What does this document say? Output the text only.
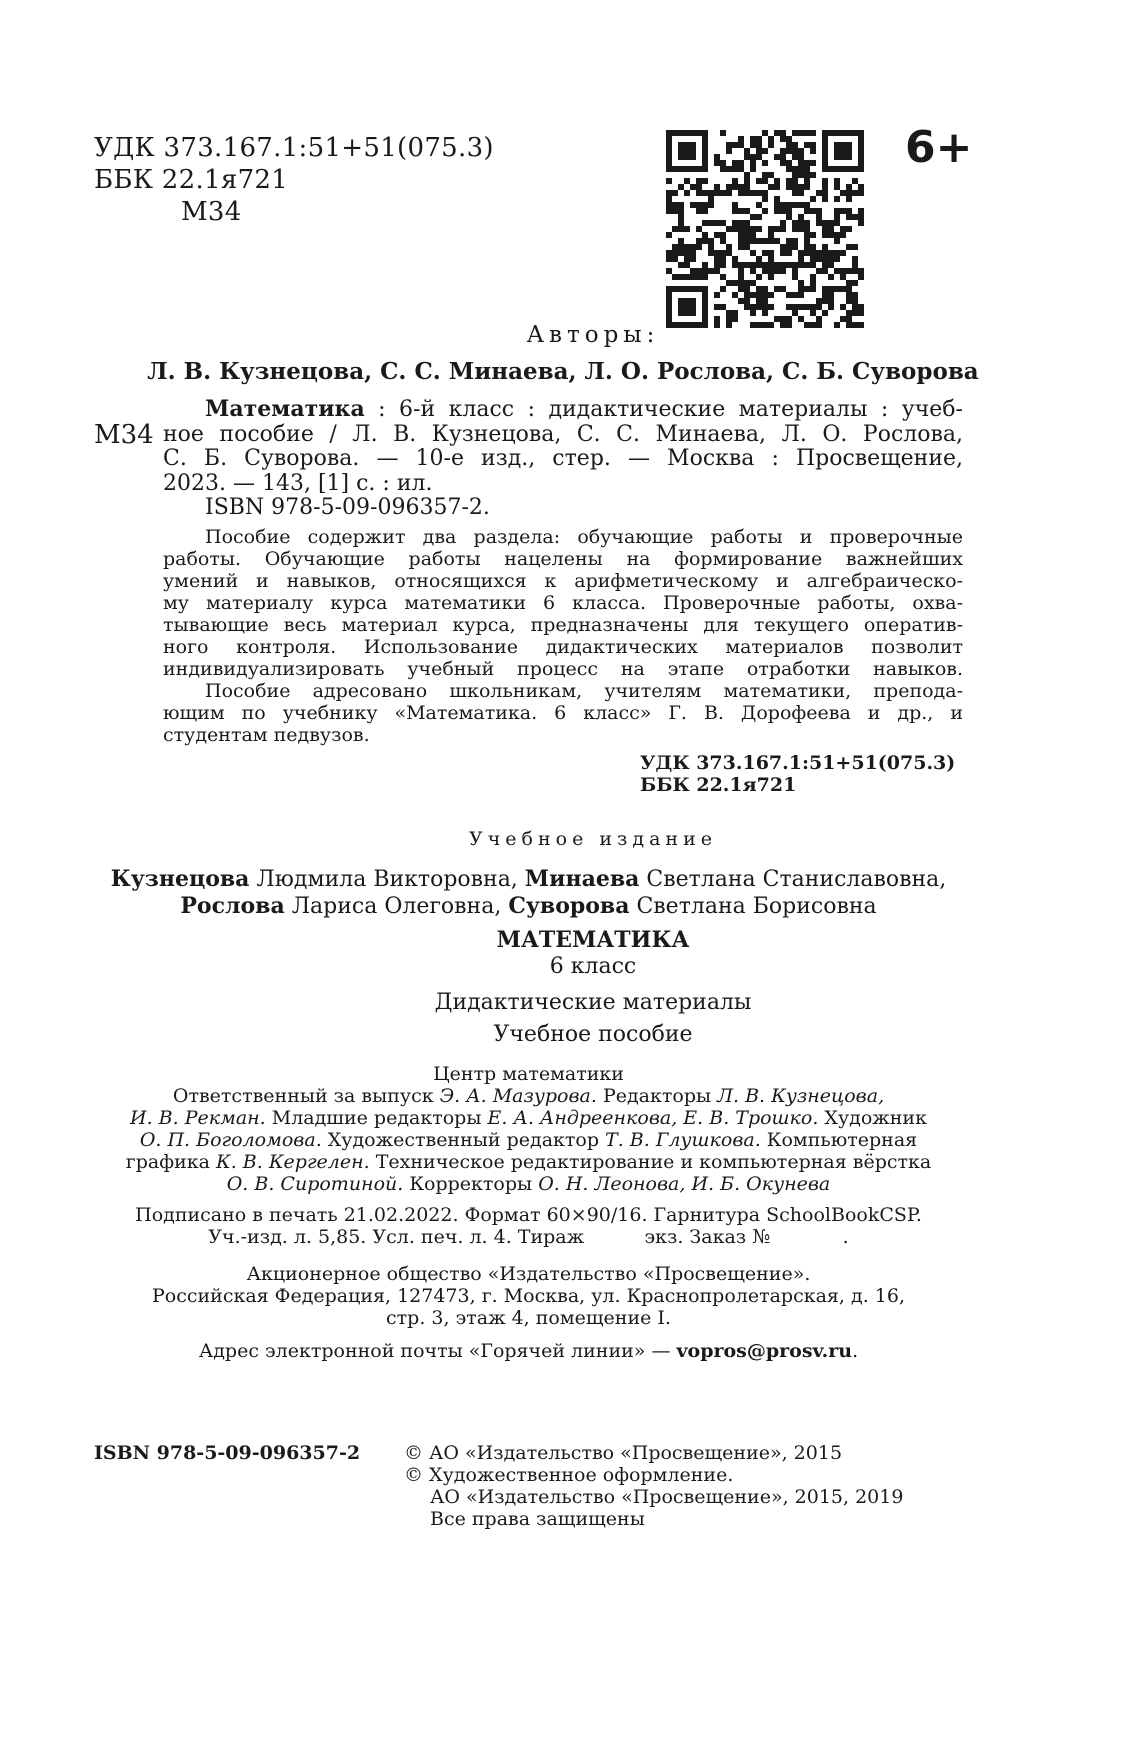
УДК 373.167.1:51+51(075.3)
ББК 22.1я721
М34
6+
Авторы:
Л. В. Кузнецова, С. С. Минаева, Л. О. Рослова, С. Б. Суворова
М34
Математика : 6-й класс : дидактические материалы : учеб-
ное пособие / Л. В. Кузнецова, С. С. Минаева, Л. О. Рослова,
С. Б. Суворова. — 10-е изд., стер. — Москва : Просвещение,
2023. — 143, [1] с. : ил.
ISBN 978-5-09-096357-2.
Пособие содержит два раздела: обучающие работы и проверочные
работы. Обучающие работы нацелены на формирование важнейших
умений и навыков, относящихся к арифметическому и алгебраическо-
му материалу курса математики 6 класса. Проверочные работы, охва-
тывающие весь материал курса, предназначены для текущего оператив-
ного контроля. Использование дидактических материалов позволит
индивидуализировать учебный процесс на этапе отработки навыков.
Пособие адресовано школьникам, учителям математики, препода-
ющим по учебнику «Математика. 6 класс» Г. В. Дорофеева и др., и
студентам педвузов.
УДК 373.167.1:51+51(075.3)
ББК 22.1я721
Учебное издание
Кузнецова Людмила Викторовна, Минаева Светлана Станиславовна,
Рослова Лариса Олеговна, Суворова Светлана Борисовна
МАТЕМАТИКА
6 класс
Дидактические материалы
Учебное пособие
Центр математики
Ответственный за выпуск Э. А. Мазурова. Редакторы Л. В. Кузнецова,
И. В. Рекман. Младшие редакторы Е. А. Андреенкова, Е. В. Трошко. Художник
О. П. Боголомова. Художественный редактор Т. В. Глушкова. Компьютерная
графика К. В. Кергелен. Техническое редактирование и компьютерная вёрстка
О. В. Сиротиной. Корректоры О. Н. Леонова, И. Б. Окунева
Подписано в печать 21.02.2022. Формат 60×90/16. Гарнитура SchoolBookCSP.
Уч.-изд. л. 5,85. Усл. печ. л. 4. Тираж          экз. Заказ №            .
Акционерное общество «Издательство «Просвещение».
Российская Федерация, 127473, г. Москва, ул. Краснопролетарская, д. 16,
стр. 3, этаж 4, помещение I.
Адрес электронной почты «Горячей линии» — vopros@prosv.ru.
ISBN 978-5-09-096357-2 © АО «Издательство «Просвещение», 2015
© Художественное оформление.
АО «Издательство «Просвещение», 2015, 2019
Все права защищены
